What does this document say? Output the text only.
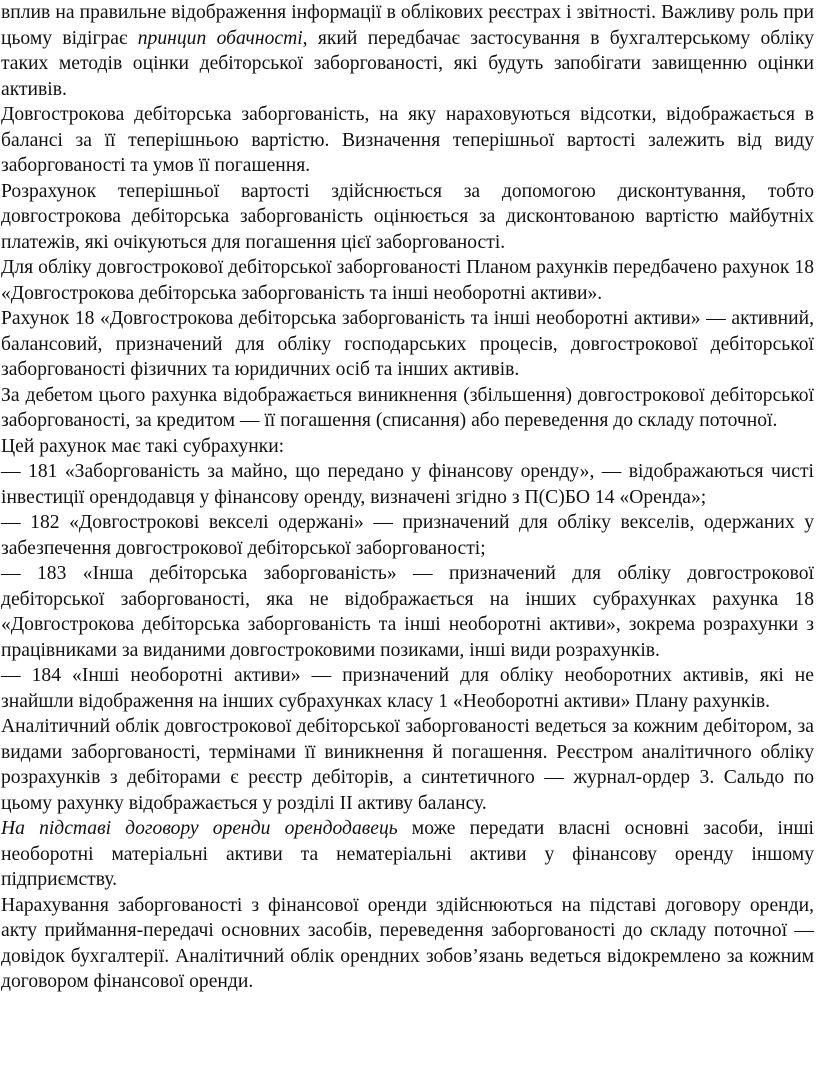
вплив на правильне відображення інформації в облікових реєстрах і звітності. Важливу роль при цьому відіграє принцип обачності, який передбачає застосування в бухгалтерському обліку таких методів оцінки дебіторської заборгованості, які будуть запобігати завищенню оцінки активів.

Довгострокова дебіторська заборгованість, на яку нараховуються відсотки, відображається в балансі за її теперішньою вартістю. Визначення теперішньої вартості залежить від виду заборгованості та умов її погашення.

Розрахунок теперішньої вартості здійснюється за допомогою дисконтування, тобто довгострокова дебіторська заборгованість оцінюється за дисконтованою вартістю майбутніх платежів, які очікуються для погашення цієї заборгованості.

Для обліку довгострокової дебіторської заборгованості Планом рахунків передбачено рахунок 18 «Довгострокова дебіторська заборгованість та інші необоротні активи».

Рахунок 18 «Довгострокова дебіторська заборгованість та інші необоротні активи» — активний, балансовий, призначений для обліку господарських процесів, довгострокової дебіторської заборгованості фізичних та юридичних осіб та інших активів.

За дебетом цього рахунка відображається виникнення (збільшення) довгострокової дебіторської заборгованості, за кредитом — її погашення (списання) або переведення до складу поточної.

Цей рахунок має такі субрахунки:

— 181 «Заборгованість за майно, що передано у фінансову оренду», — відображаються чисті інвестиції орендодавця у фінансову оренду, визначені згідно з П(С)БО 14 «Оренда»;

— 182 «Довгострокові векселі одержані» — призначений для обліку векселів, одержаних у забезпечення довгострокової дебіторської заборгованості;

— 183 «Інша дебіторська заборгованість» — призначений для обліку довгострокової дебіторської заборгованості, яка не відображається на інших субрахунках рахунка 18 «Довгострокова дебіторська заборгованість та інші необоротні активи», зокрема розрахунки з працівниками за виданими довгостроковими позиками, інші види розрахунків.

— 184 «Інші необоротні активи» — призначений для обліку необоротних активів, які не знайшли відображення на інших субрахунках класу 1 «Необоротні активи» Плану рахунків.

Аналітичний облік довгострокової дебіторської заборгованості ведеться за кожним дебітором, за видами заборгованості, термінами її виникнення й погашення. Реєстром аналітичного обліку розрахунків з дебіторами є реєстр дебіторів, а синтетичного — журнал-ордер 3. Сальдо по цьому рахунку відображається у розділі II активу балансу.

На підставі договору оренди орендодавець може передати власні основні засоби, інші необоротні матеріальні активи та нематеріальні активи у фінансову оренду іншому підприємству.

Нарахування заборгованості з фінансової оренди здійснюються на підставі договору оренди, акту приймання-передачі основних засобів, переведення заборгованості до складу поточної — довідок бухгалтерії. Аналітичний облік орендних зобов’язань ведеться відокремлено за кожним договором фінансової оренди.
